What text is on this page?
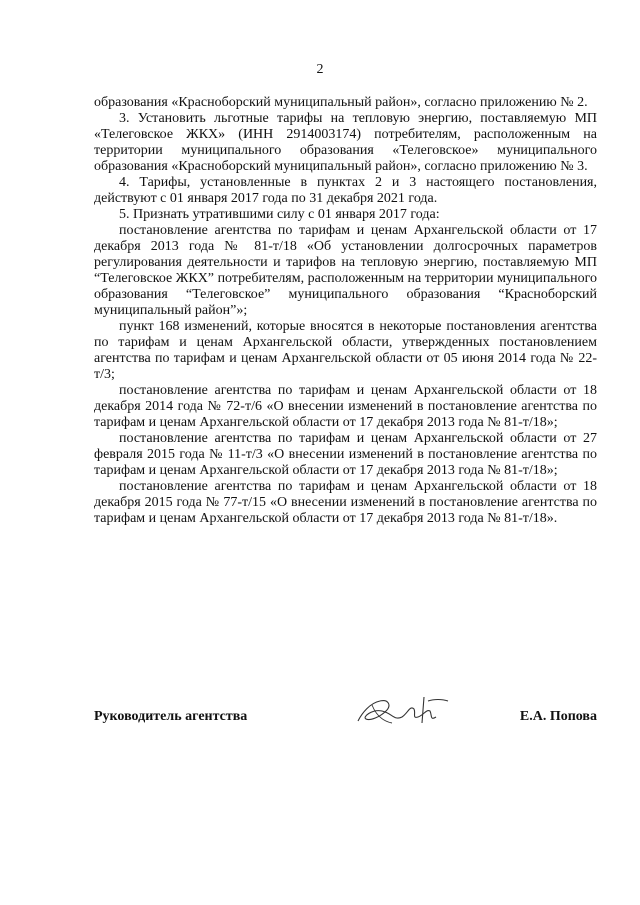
2

образования «Красноборский муниципальный район», согласно приложению № 2.

3. Установить льготные тарифы на тепловую энергию, поставляемую МП «Телеговское ЖКХ» (ИНН 2914003174) потребителям, расположенным на территории муниципального образования «Телеговское» муниципального образования «Красноборский муниципальный район», согласно приложению № 3.

4. Тарифы, установленные в пунктах 2 и 3 настоящего постановления, действуют с 01 января 2017 года по 31 декабря 2021 года.

5. Признать утратившими силу с 01 января 2017 года:

постановление агентства по тарифам и ценам Архангельской области от 17 декабря 2013 года № 81-т/18 «Об установлении долгосрочных параметров регулирования деятельности и тарифов на тепловую энергию, поставляемую МП “Телеговское ЖКХ” потребителям, расположенным на территории муниципального образования “Телеговское” муниципального образования “Красноборский муниципальный район”»;

пункт 168 изменений, которые вносятся в некоторые постановления агентства по тарифам и ценам Архангельской области, утвержденных постановлением агентства по тарифам и ценам Архангельской области от 05 июня 2014 года № 22-т/3;

постановление агентства по тарифам и ценам Архангельской области от 18 декабря 2014 года № 72-т/6 «О внесении изменений в постановление агентства по тарифам и ценам Архангельской области от 17 декабря 2013 года № 81-т/18»;

постановление агентства по тарифам и ценам Архангельской области от 27 февраля 2015 года № 11-т/3 «О внесении изменений в постановление агентства по тарифам и ценам Архангельской области от 17 декабря 2013 года № 81-т/18»;

постановление агентства по тарифам и ценам Архангельской области от 18 декабря 2015 года № 77-т/15 «О внесении изменений в постановление агентства по тарифам и ценам Архангельской области от 17 декабря 2013 года № 81-т/18».

Руководитель агентства	Е.А. Попова
